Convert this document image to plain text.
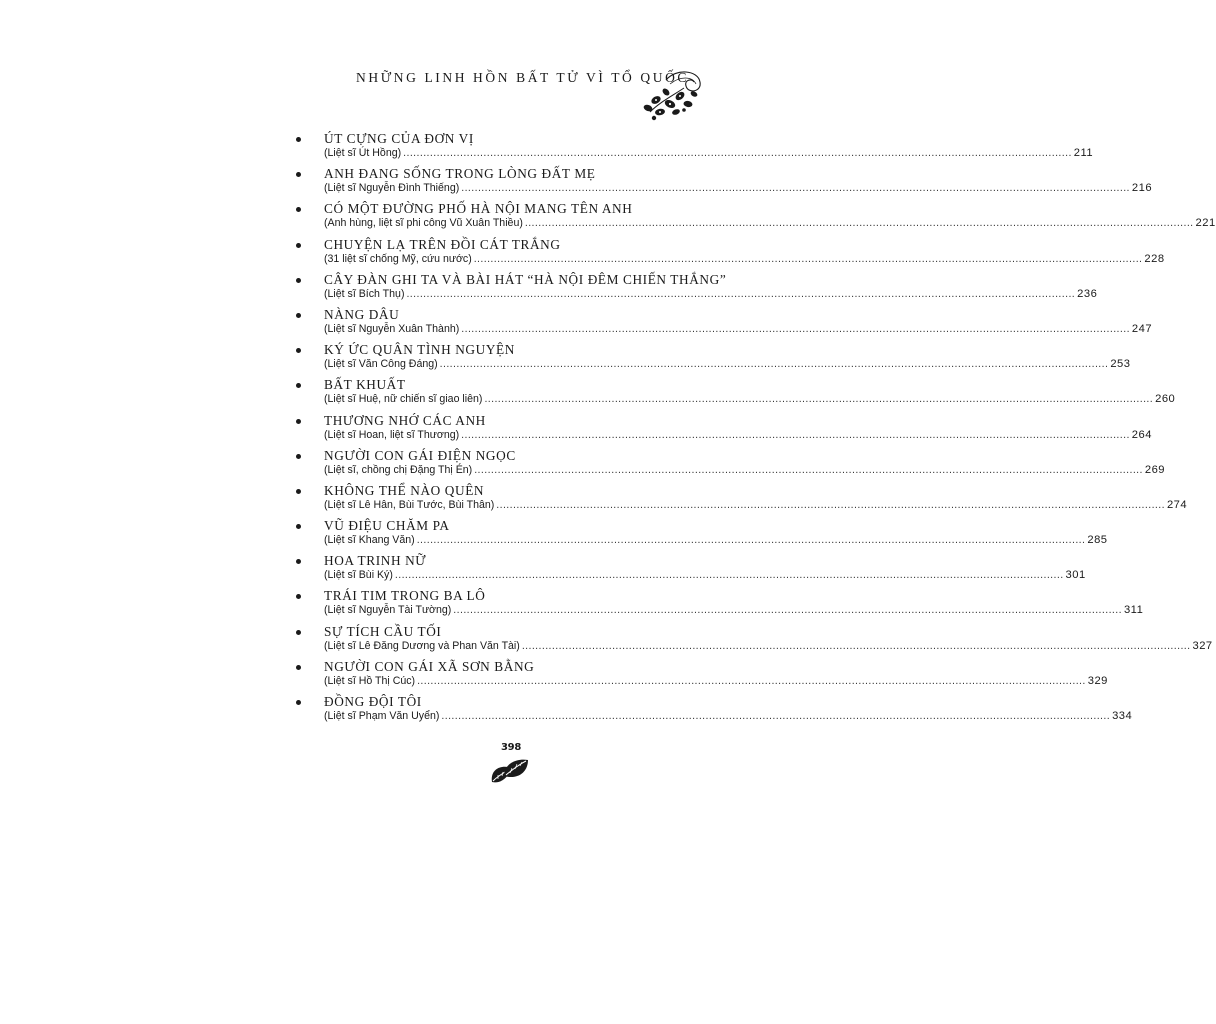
NHỮNG LINH HỒN BẤT TỬ VÌ TỔ QUỐC
ÚT CỰNG CỦA ĐƠN VỊ
(Liệt sĩ Út Hồng) ........................................................................................................................................................................................................ 211
ANH ĐANG SỐNG TRONG LÒNG ĐẤT MẸ
(Liệt sĩ Nguyễn Đình Thiếng) ........................................................................................................................................................................................................ 216
CÓ MỘT ĐƯỜNG PHỐ HÀ NỘI MANG TÊN ANH
(Anh hùng, liệt sĩ phi công Vũ Xuân Thiều) ........................................................................................................................................................................................................ 221
CHUYỆN LẠ TRÊN ĐỒI CÁT TRẮNG
(31 liệt sĩ chống Mỹ, cứu nước) ........................................................................................................................................................................................................ 228
CÂY ĐÀN GHI TA VÀ BÀI HÁT “HÀ NỘI ĐÊM CHIẾN THẮNG”
(Liệt sĩ Bích Thụ) ........................................................................................................................................................................................................ 236
NÀNG DÂU
(Liệt sĩ Nguyễn Xuân Thành) ........................................................................................................................................................................................................ 247
KÝ ỨC QUÂN TÌNH NGUYỆN
(Liệt sĩ Văn Công Đáng) ........................................................................................................................................................................................................ 253
BẤT KHUẤT
(Liệt sĩ Huệ, nữ chiến sĩ giao liên) ........................................................................................................................................................................................................ 260
THƯƠNG NHỚ CÁC ANH
(Liệt sĩ Hoan, liệt sĩ Thương) ........................................................................................................................................................................................................ 264
NGƯỜI CON GÁI ĐIỆN NGỌC
(Liệt sĩ, chồng chị Đặng Thị Én) ........................................................................................................................................................................................................ 269
KHÔNG THỂ NÀO QUÊN
(Liệt sĩ Lê Hân, Bùi Tước, Bùi Thân) ........................................................................................................................................................................................................ 274
VŨ ĐIỆU CHĂM PA
(Liệt sĩ Khang Văn) ........................................................................................................................................................................................................ 285
HOA TRINH NỮ
(Liệt sĩ Bùi Ký) ........................................................................................................................................................................................................ 301
TRÁI TIM TRONG BA LÔ
(Liệt sĩ Nguyễn Tài Tường) ........................................................................................................................................................................................................ 311
SỰ TÍCH CẦU TỐI
(Liệt sĩ Lê Đăng Dương và Phan Văn Tài) ........................................................................................................................................................................................................ 327
NGƯỜI CON GÁI XÃ SƠN BẰNG
(Liệt sĩ Hồ Thị Cúc) ........................................................................................................................................................................................................ 329
ĐỒNG ĐỘI TÔI
(Liệt sĩ Phạm Văn Uyển) ........................................................................................................................................................................................................ 334
398
